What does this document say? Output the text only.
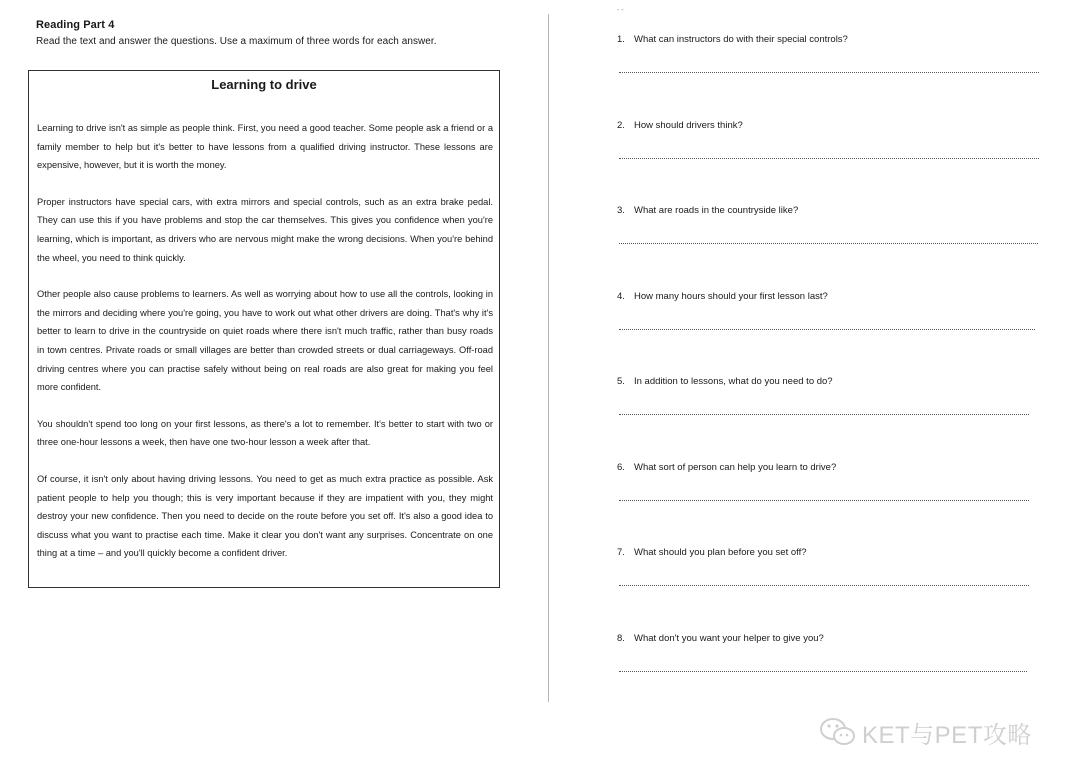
Reading Part 4
Read the text and answer the questions. Use a maximum of three words for each answer.
Learning to drive

Learning to drive isn't as simple as people think. First, you need a good teacher. Some people ask a friend or a family member to help but it's better to have lessons from a qualified driving instructor. These lessons are expensive, however, but it is worth the money.

Proper instructors have special cars, with extra mirrors and special controls, such as an extra brake pedal. They can use this if you have problems and stop the car themselves. This gives you confidence when you're learning, which is important, as drivers who are nervous might make the wrong decisions. When you're behind the wheel, you need to think quickly.

Other people also cause problems to learners. As well as worrying about how to use all the controls, looking in the mirrors and deciding where you're going, you have to work out what other drivers are doing. That's why it's better to learn to drive in the countryside on quiet roads where there isn't much traffic, rather than busy roads in town centres. Private roads or small villages are better than crowded streets or dual carriageways. Off-road driving centres where you can practise safely without being on real roads are also great for making you feel more confident.

You shouldn't spend too long on your first lessons, as there's a lot to remember. It's better to start with two or three one-hour lessons a week, then have one two-hour lesson a week after that.

Of course, it isn't only about having driving lessons. You need to get as much extra practice as possible. Ask patient people to help you though; this is very important because if they are impatient with you, they might destroy your new confidence. Then you need to decide on the route before you set off. It's also a good idea to discuss what you want to practise each time. Make it clear you don't want any surprises. Concentrate on one thing at a time – and you'll quickly become a confident driver.

- -
1. What can instructors do with their special controls?
2. How should drivers think?
3. What are roads in the countryside like?
4. How many hours should your first lesson last?
5. In addition to lessons, what do you need to do?
6. What sort of person can help you learn to drive?
7. What should you plan before you set off?
8. What don't you want your helper to give you?
KET与PET攻略
